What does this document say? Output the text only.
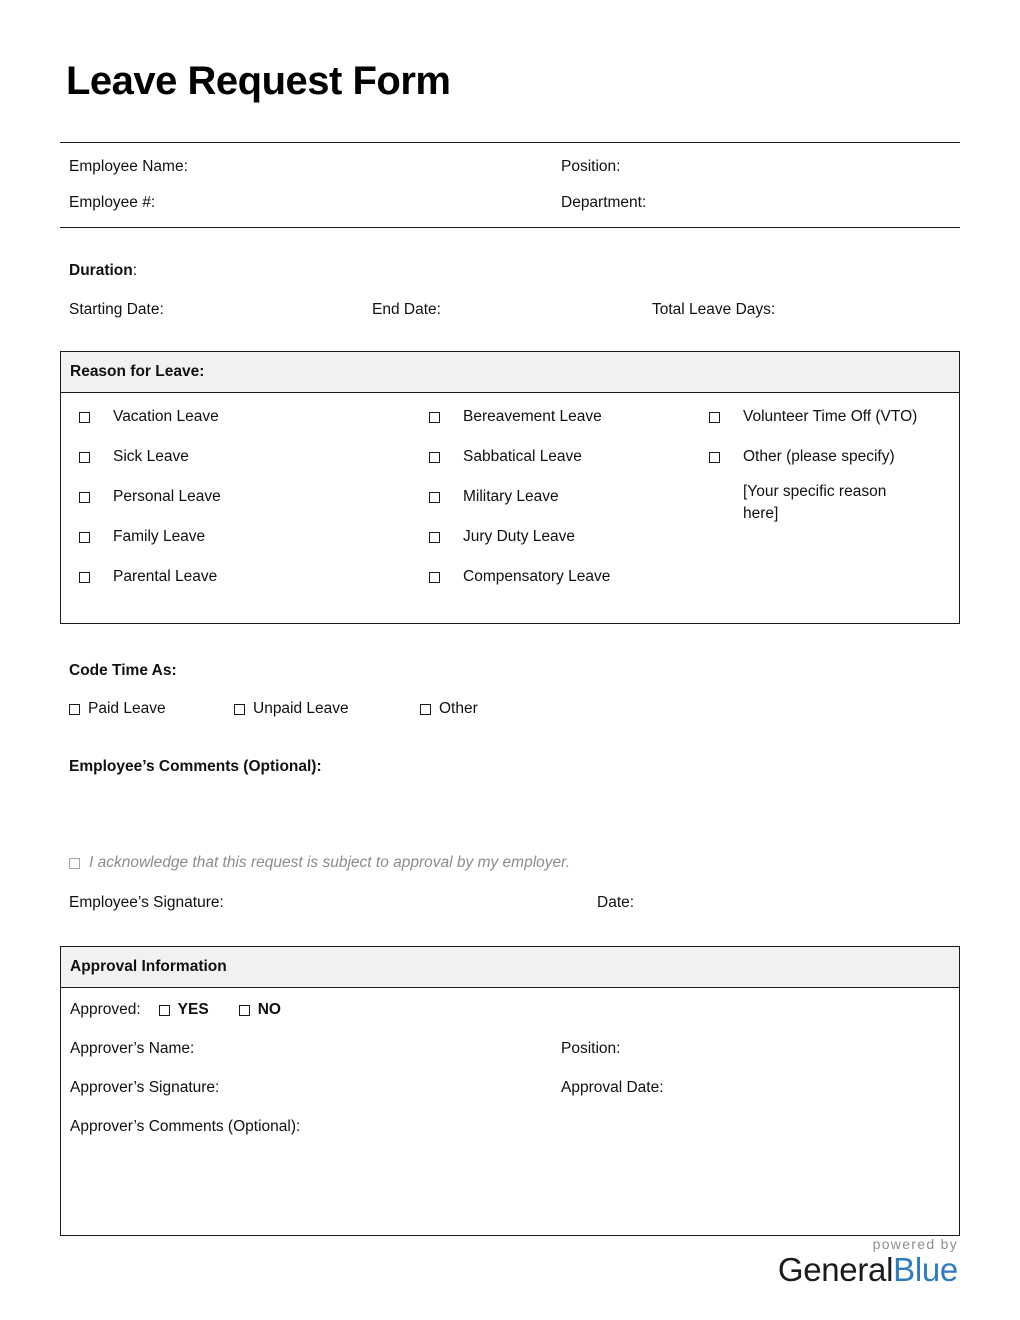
Leave Request Form
Employee Name:	Position:
Employee #:	Department:
Duration:
Starting Date:	End Date:	Total Leave Days:
Reason for Leave:
Vacation Leave
Sick Leave
Personal Leave
Family Leave
Parental Leave
Bereavement Leave
Sabbatical Leave
Military Leave
Jury Duty Leave
Compensatory Leave
Volunteer Time Off (VTO)
Other (please specify)
[Your specific reason here]
Code Time As:
Paid Leave	Unpaid Leave	Other
Employee’s Comments (Optional):
I acknowledge that this request is subject to approval by my employer.
Employee’s Signature:	Date:
Approval Information
Approved: YES	NO
Approver’s Name:	Position:
Approver’s Signature:	Approval Date:
Approver’s Comments (Optional):
powered by
GeneralBlue
